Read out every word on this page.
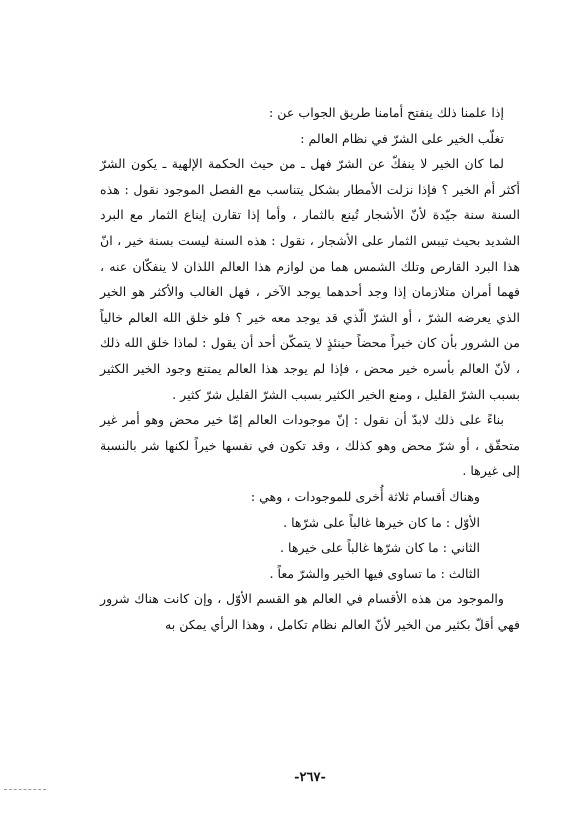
إذا علمنا ذلك ينفتح أمامنا طريق الجواب عن :

تغلّب الخير على الشرّ في نظام العالم :

لما كان الخير لا ينفكّ عن الشرّ فهل ـ من حيث الحكمة الإلهية ـ يكون الشرّ أكثر أم الخير ؟ فإذا نزلت الأمطار بشكل يتناسب مع الفصل الموجود نقول : هذه السنة سنة جيّدة لأنّ الأشجار تُينع بالثمار ، وأما إذا تقارن إيناع الثمار مع البرد الشديد بحيث تيبس الثمار على الأشجار ، نقول : هذه السنة ليست بسنة خير ، انّ هذا البرد القارص وتلك الشمس هما من لوازم هذا العالم اللذان لا ينفكّان عنه ، فهما أمران متلازمان إذا وجد أحدهما يوجد الآخر ، فهل الغالب والأكثر هو الخير الذي يعرضه الشرّ ، أو الشرّ الّذي قد يوجد معه خير ؟ فلو خلق الله العالم خالياً من الشرور بأن كان خيراً محضاً حينئذٍ لا يتمكّن أحد أن يقول : لماذا خلق الله ذلك ، لأنّ العالم بأسره خير محض ، فإذا لم يوجد هذا العالم يمتنع وجود الخير الكثير بسبب الشرّ القليل ، ومنع الخير الكثير بسبب الشرّ القليل شرّ كثير .

بناءً على ذلك لابدّ أن نقول : إنّ موجودات العالم إمّا خير محض وهو أمر غير متحقّق ، أو شرّ محض وهو كذلك ، وقد تكون في نفسها خيراً لكنها شر بالنسبة إلى غيرها .

وهناك أقسام ثلاثة أُخرى للموجودات ، وهي :

الأوّل : ما كان خيرها غالباً على شرّها .

الثاني : ما كان شرّها غالباً على خيرها .

الثالث : ما تساوى فيها الخير والشرّ معاً .

والموجود من هذه الأقسام في العالم هو القسم الأوّل ، وإن كانت هناك شرور فهي أقلّ بكثير من الخير لأنّ العالم نظام تكامل ، وهذا الرأي يمكن به

-٢٦٧-
